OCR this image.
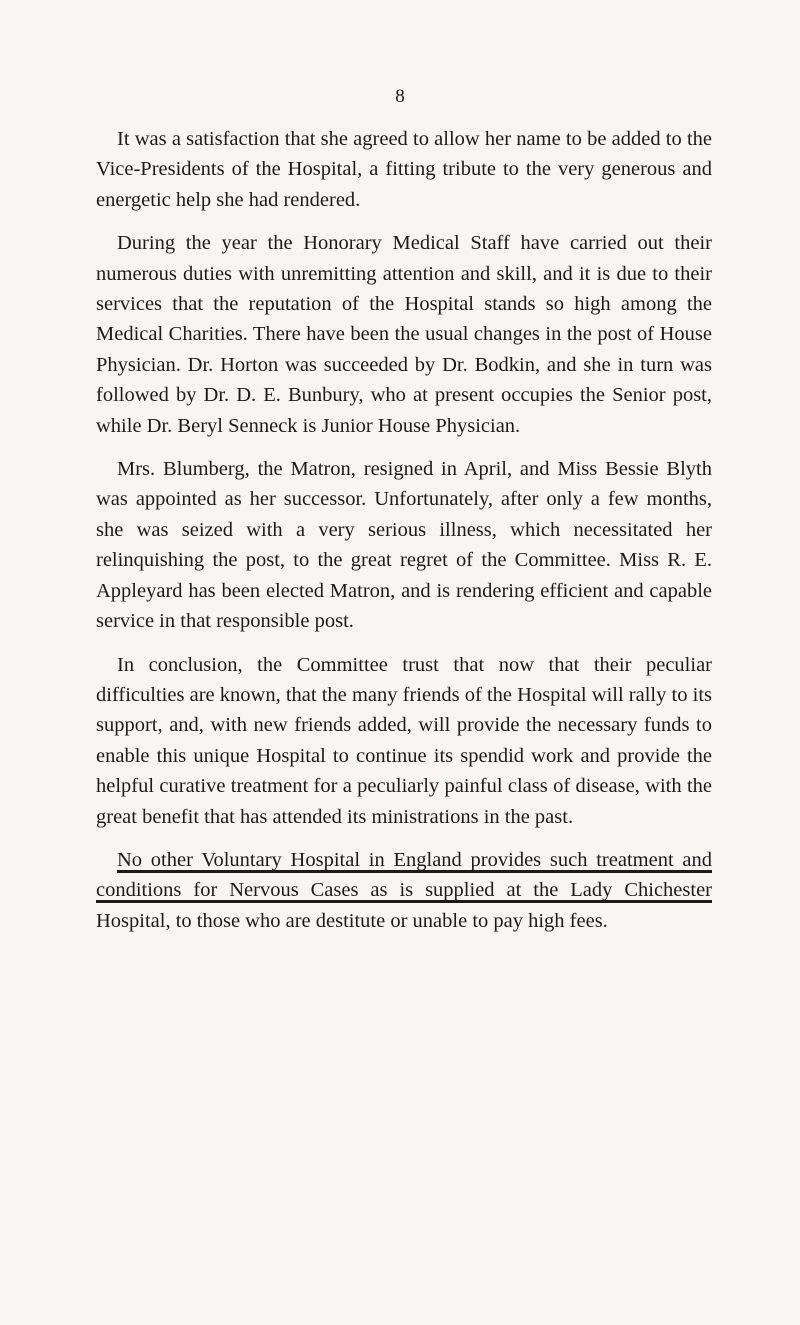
8

It was a satisfaction that she agreed to allow her name to be added to the Vice-Presidents of the Hospital, a fitting tribute to the very generous and energetic help she had rendered.

During the year the Honorary Medical Staff have carried out their numerous duties with unremitting attention and skill, and it is due to their services that the reputation of the Hospital stands so high among the Medical Charities. There have been the usual changes in the post of House Physician. Dr. Horton was succeeded by Dr. Bodkin, and she in turn was followed by Dr. D. E. Bunbury, who at present occupies the Senior post, while Dr. Beryl Senneck is Junior House Physician.

Mrs. Blumberg, the Matron, resigned in April, and Miss Bessie Blyth was appointed as her successor. Unfortunately, after only a few months, she was seized with a very serious illness, which necessitated her relinquishing the post, to the great regret of the Committee. Miss R. E. Appleyard has been elected Matron, and is rendering efficient and capable service in that responsible post.

In conclusion, the Committee trust that now that their peculiar difficulties are known, that the many friends of the Hospital will rally to its support, and, with new friends added, will provide the necessary funds to enable this unique Hospital to continue its spendid work and provide the helpful curative treatment for a peculiarly painful class of disease, with the great benefit that has attended its ministrations in the past.

No other Voluntary Hospital in England provides such treatment and conditions for Nervous Cases as is supplied at the Lady Chichester Hospital, to those who are destitute or unable to pay high fees.
